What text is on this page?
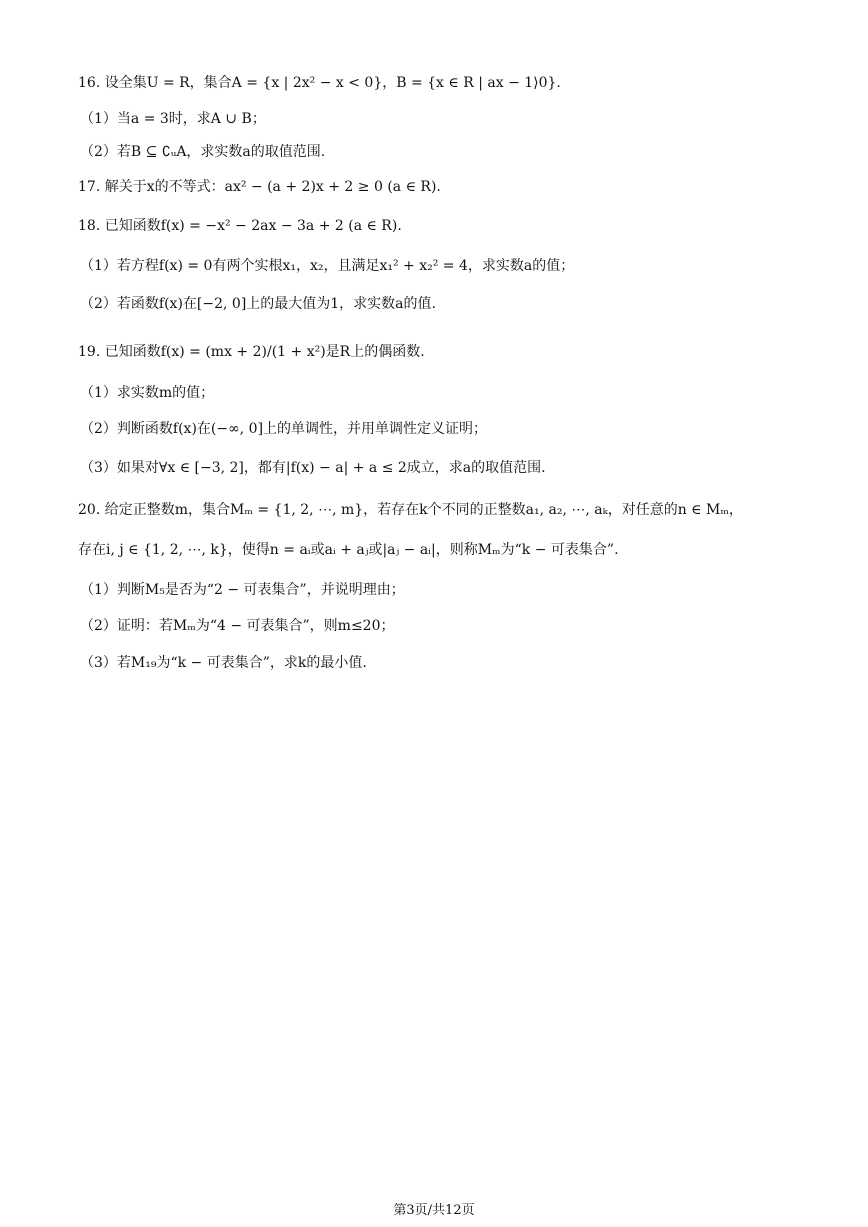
16. 设全集U = R，集合A = {x | 2x² − x < 0}，B = {x ∈ R | ax − 1⟩0}.
（1）当a = 3时，求A ∪ B；
（2）若B ⊆ ∁ᵤA，求实数a的取值范围.
17. 解关于x的不等式：ax² − (a + 2)x + 2 ≥ 0 (a ∈ R).
18. 已知函数f(x) = −x² − 2ax − 3a + 2 (a ∈ R).
（1）若方程f(x) = 0有两个实根x₁，x₂，且满足x₁² + x₂² = 4，求实数a的值；
（2）若函数f(x)在[−2, 0]上的最大值为1，求实数a的值.
19. 已知函数f(x) = (mx + 2)/(1 + x²)是R上的偶函数.
（1）求实数m的值；
（2）判断函数f(x)在(−∞, 0]上的单调性，并用单调性定义证明；
（3）如果对∀x ∈ [−3, 2]，都有|f(x) − a| + a ≤ 2成立，求a的取值范围.
20. 给定正整数m，集合Mₘ = {1, 2, ⋯, m}，若存在k个不同的正整数a₁, a₂, ⋯, aₖ，对任意的n ∈ Mₘ，
存在i, j ∈ {1, 2, ⋯, k}，使得n = aᵢ或aᵢ + aⱼ或|aⱼ − aᵢ|，则称Mₘ为“k − 可表集合”.
（1）判断M₅是否为“2 − 可表集合”，并说明理由；
（2）证明：若Mₘ为“4 − 可表集合”，则m≤20；
（3）若M₁₉为“k − 可表集合”，求k的最小值.
第3页/共12页
